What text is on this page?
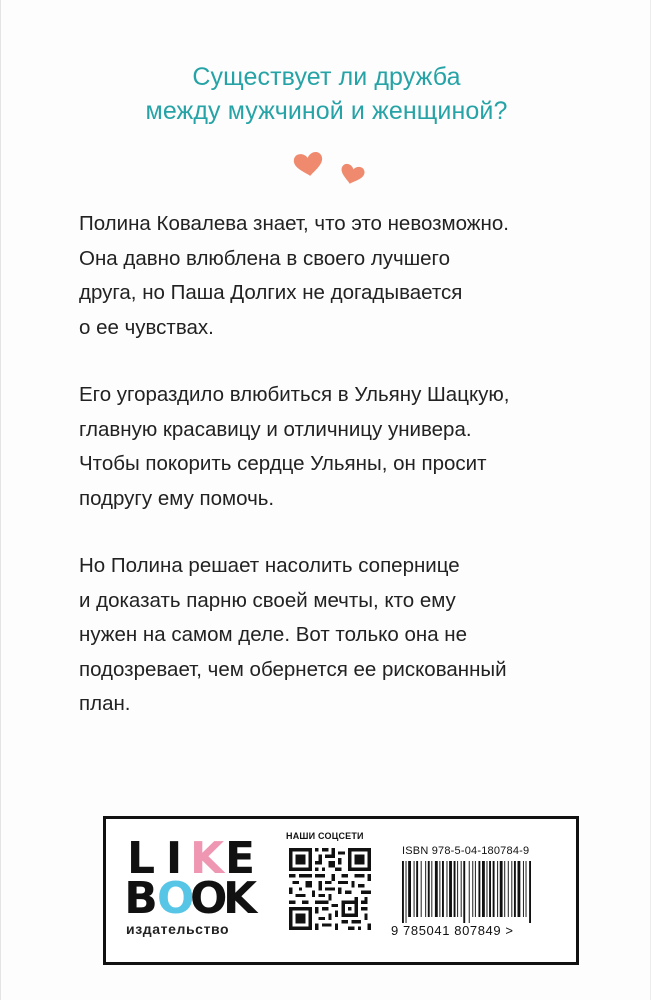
Существует ли дружба
между мужчиной и женщиной?

Полина Ковалева знает, что это невозможно.
Она давно влюблена в своего лучшего
друга, но Паша Долгих не догадывается
о ее чувствах.

Его угораздило влюбиться в Ульяну Шацкую,
главную красавицу и отличницу универа.
Чтобы покорить сердце Ульяны, он просит
подругу ему помочь.

Но Полина решает насолить сопернице
и доказать парню своей мечты, кто ему
нужен на самом деле. Вот только она не
подозревает, чем обернется ее рискованный
план.

L I K E
B O
O
K
издательство
НАШИ СОЦСЕТИ
ISBN 978-5-04-180784-9
9 785041 807849 >
